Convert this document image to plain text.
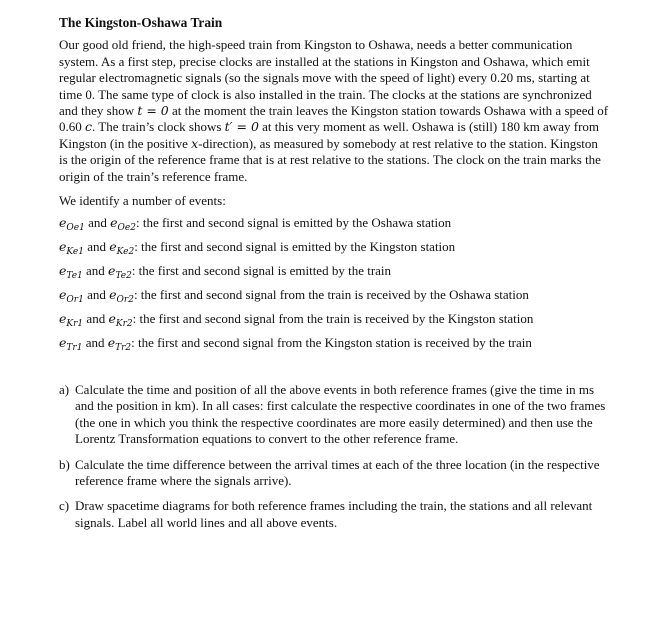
The Kingston-Oshawa Train

Our good old friend, the high-speed train from Kingston to Oshawa, needs a better communication system. As a first step, precise clocks are installed at the stations in Kingston and Oshawa, which emit regular electromagnetic signals (so the signals move with the speed of light) every 0.20 ms, starting at time 0. The same type of clock is also installed in the train. The clocks at the stations are synchronized and they show t = 0 at the moment the train leaves the Kingston station towards Oshawa with a speed of 0.60 c. The train’s clock shows t′ = 0 at this very moment as well. Oshawa is (still) 180 km away from Kingston (in the positive x-direction), as measured by somebody at rest relative to the station. Kingston is the origin of the reference frame that is at rest relative to the stations. The clock on the train marks the origin of the train’s reference frame.

We identify a number of events:

$e_{Oe1}$ and $e_{Oe2}$: the first and second signal is emitted by the Oshawa station
$e_{Ke1}$ and $e_{Ke2}$: the first and second signal is emitted by the Kingston station
$e_{Te1}$ and $e_{Te2}$: the first and second signal is emitted by the train
$e_{Or1}$ and $e_{Or2}$: the first and second signal from the train is received by the Oshawa station
$e_{Kr1}$ and $e_{Kr2}$: the first and second signal from the train is received by the Kingston station
$e_{Tr1}$ and $e_{Tr2}$: the first and second signal from the Kingston station is received by the train
a) Calculate the time and position of all the above events in both reference frames (give the time in ms and the position in km). In all cases: first calculate the respective coordinates in one of the two frames (the one in which you think the respective coordinates are more easily determined) and then use the Lorentz Transformation equations to convert to the other reference frame.
b) Calculate the time difference between the arrival times at each of the three location (in the respective reference frame where the signals arrive).
c) Draw spacetime diagrams for both reference frames including the train, the stations and all relevant signals. Label all world lines and all above events.
